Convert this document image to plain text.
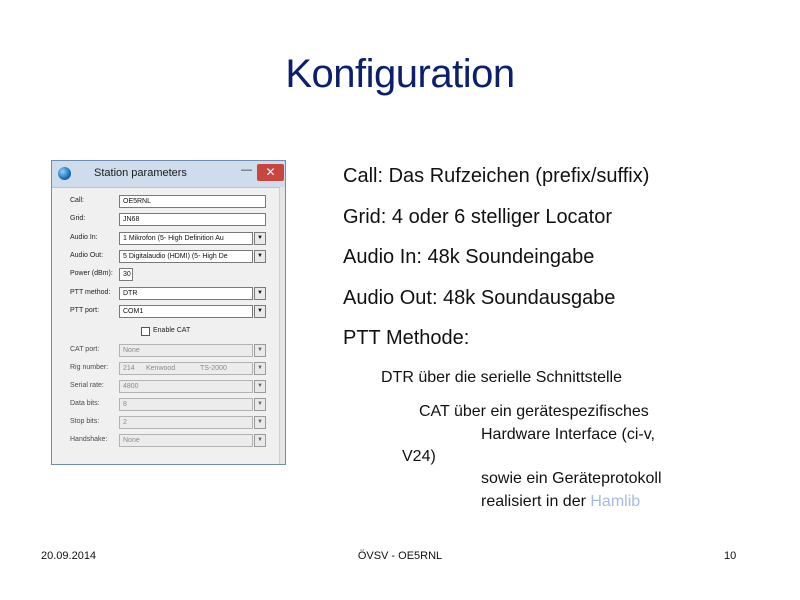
Konfiguration
Station parameters	—	✕
Call:	OE5RNL
Grid:	JN68
Audio In:	1 Mikrofon (5- High Definition Au	▼
Audio Out:	5 Digitalaudio (HDMI) (5- High De	▼
Power (dBm):	30
PTT method:	DTR	▼
PTT port:	COM1	▼
Enable CAT
CAT port:	None	▼
Rig number:	214 Kenwood	TS-2000	▼
Serial rate:	4800	▼
Data bits:	8	▼
Stop bits:	2	▼
Handshake:	None	▼
Call: Das Rufzeichen (prefix/suffix)
Grid: 4 oder 6 stelliger Locator
Audio In: 48k Soundeingabe
Audio Out: 48k Soundausgabe
PTT Methode:
DTR über die serielle Schnittstelle
CAT über ein gerätespezifisches
Hardware Interface (ci-v,
V24)
sowie ein Geräteprotokoll
realisiert in der Hamlib
20.09.2014	ÖVSV - OE5RNL	10
